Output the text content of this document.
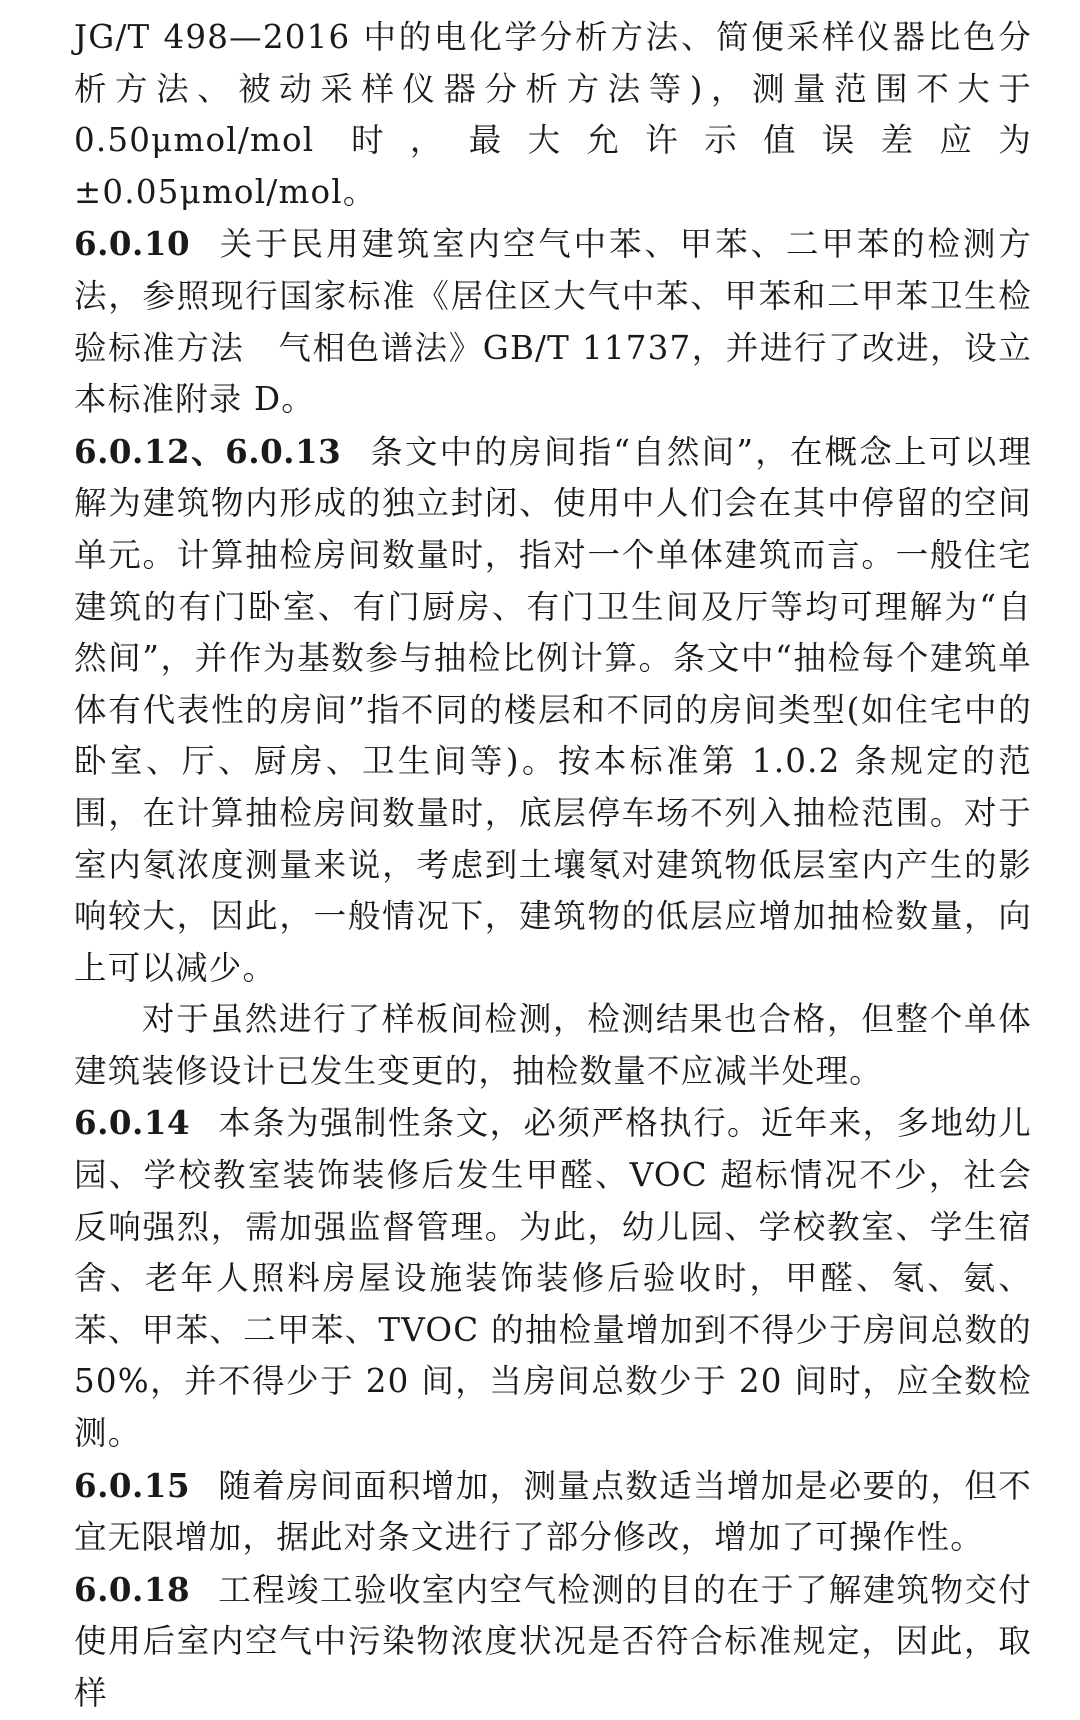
JG/T 498—2016 中的电化学分析方法、简便采样仪器比色分析方法、被动采样仪器分析方法等)，测量范围不大于 0.50μmol/mol 时，最大允许示值误差应为±0.05μmol/mol。

6.0.10 关于民用建筑室内空气中苯、甲苯、二甲苯的检测方法，参照现行国家标准《居住区大气中苯、甲苯和二甲苯卫生检验标准方法　气相色谱法》GB/T 11737，并进行了改进，设立本标准附录 D。

6.0.12、6.0.13 条文中的房间指“自然间”，在概念上可以理解为建筑物内形成的独立封闭、使用中人们会在其中停留的空间单元。计算抽检房间数量时，指对一个单体建筑而言。一般住宅建筑的有门卧室、有门厨房、有门卫生间及厅等均可理解为“自然间”，并作为基数参与抽检比例计算。条文中“抽检每个建筑单体有代表性的房间”指不同的楼层和不同的房间类型(如住宅中的卧室、厅、厨房、卫生间等)。按本标准第 1.0.2 条规定的范围，在计算抽检房间数量时，底层停车场不列入抽检范围。对于室内氡浓度测量来说，考虑到土壤氡对建筑物低层室内产生的影响较大，因此，一般情况下，建筑物的低层应增加抽检数量，向上可以减少。

对于虽然进行了样板间检测，检测结果也合格，但整个单体建筑装修设计已发生变更的，抽检数量不应减半处理。

6.0.14 本条为强制性条文，必须严格执行。近年来，多地幼儿园、学校教室装饰装修后发生甲醛、VOC 超标情况不少，社会反响强烈，需加强监督管理。为此，幼儿园、学校教室、学生宿舍、老年人照料房屋设施装饰装修后验收时，甲醛、氡、氨、苯、甲苯、二甲苯、TVOC 的抽检量增加到不得少于房间总数的 50%，并不得少于 20 间，当房间总数少于 20 间时，应全数检测。

6.0.15 随着房间面积增加，测量点数适当增加是必要的，但不宜无限增加，据此对条文进行了部分修改，增加了可操作性。

6.0.18 工程竣工验收室内空气检测的目的在于了解建筑物交付使用后室内空气中污染物浓度状况是否符合标准规定，因此，取样
